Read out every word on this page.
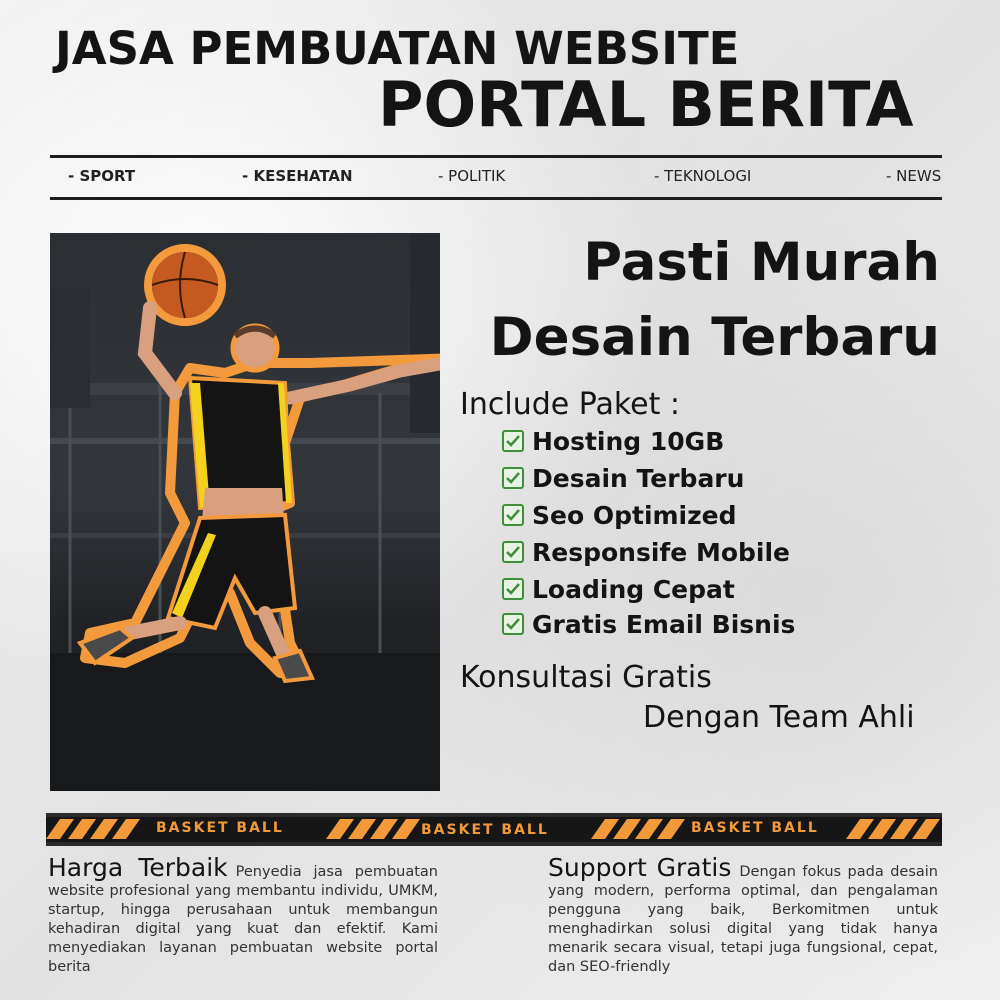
JASA PEMBUATAN WEBSITE
PORTAL BERITA
- SPORT	- KESEHATAN	- POLITIK	- TEKNOLOGI	- NEWS
Pasti Murah
Desain Terbaru
Include Paket :
Hosting 10GB
Desain Terbaru
Seo Optimized
Responsife Mobile
Loading Cepat
Gratis Email Bisnis
Konsultasi Gratis
Dengan Team Ahli
BASKET BALL	BASKET BALL	BASKET BALL
Harga Terbaik Penyedia jasa pembuatan website profesional yang membantu individu, UMKM, startup, hingga perusahaan untuk membangun kehadiran digital yang kuat dan efektif. Kami menyediakan layanan pembuatan website portal berita
Support Gratis Dengan fokus pada desain yang modern, performa optimal, dan pengalaman pengguna yang baik, Berkomitmen untuk menghadirkan solusi digital yang tidak hanya menarik secara visual, tetapi juga fungsional, cepat, dan SEO-friendly
